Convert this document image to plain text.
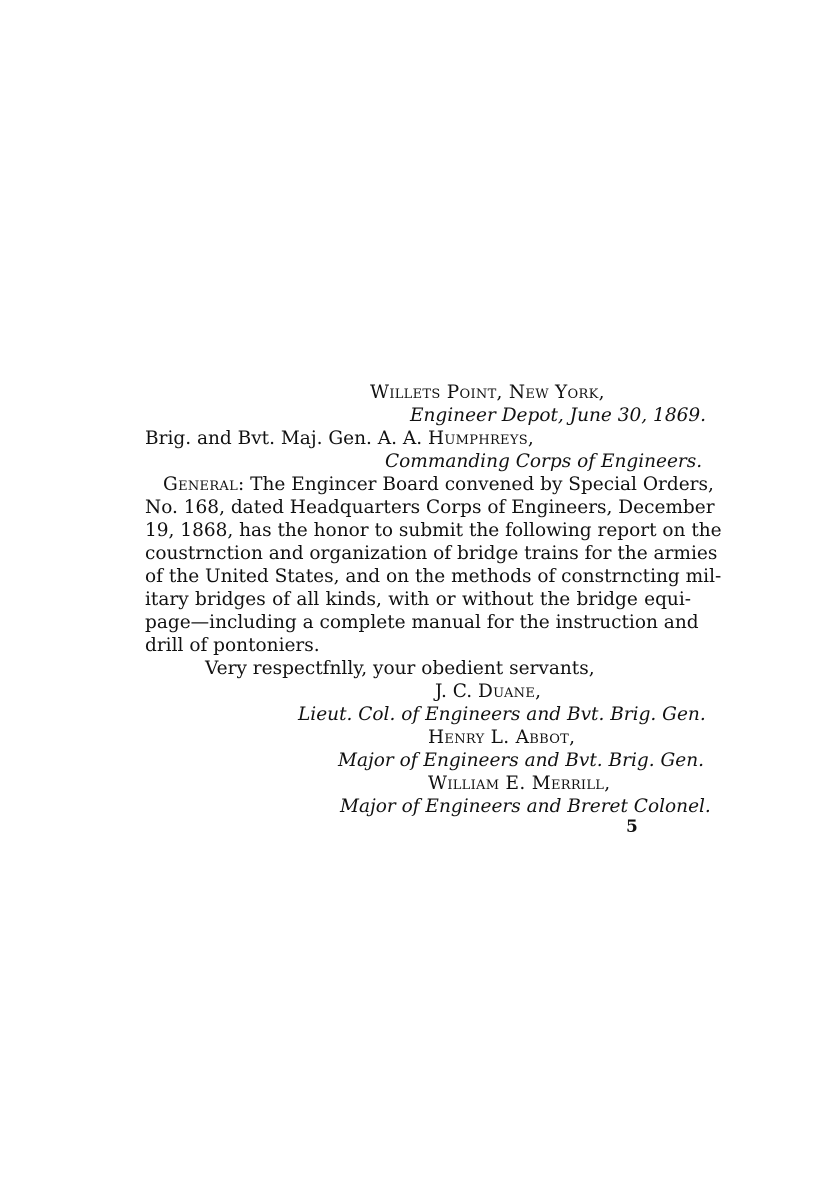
Willets Point, New York,
Engineer Depot, June 30, 1869.
Brig. and Bvt. Maj. Gen. A. A. Humphreys,
Commanding Corps of Engineers.
General: The Engincer Board convened by Special Orders,
No. 168, dated Headquarters Corps of Engineers, December
19, 1868, has the honor to submit the following report on the
coustrnction and organization of bridge trains for the armies
of the United States, and on the methods of constrncting mil-
itary bridges of all kinds, with or without the bridge equi-
page—including a complete manual for the instruction and
drill of pontoniers.
Very respectfnlly, your obedient servants,
J. C. Duane,
Lieut. Col. of Engineers and Bvt. Brig. Gen.
Henry L. Abbot,
Major of Engineers and Bvt. Brig. Gen.
William E. Merrill,
Major of Engineers and Breret Colonel.
5
